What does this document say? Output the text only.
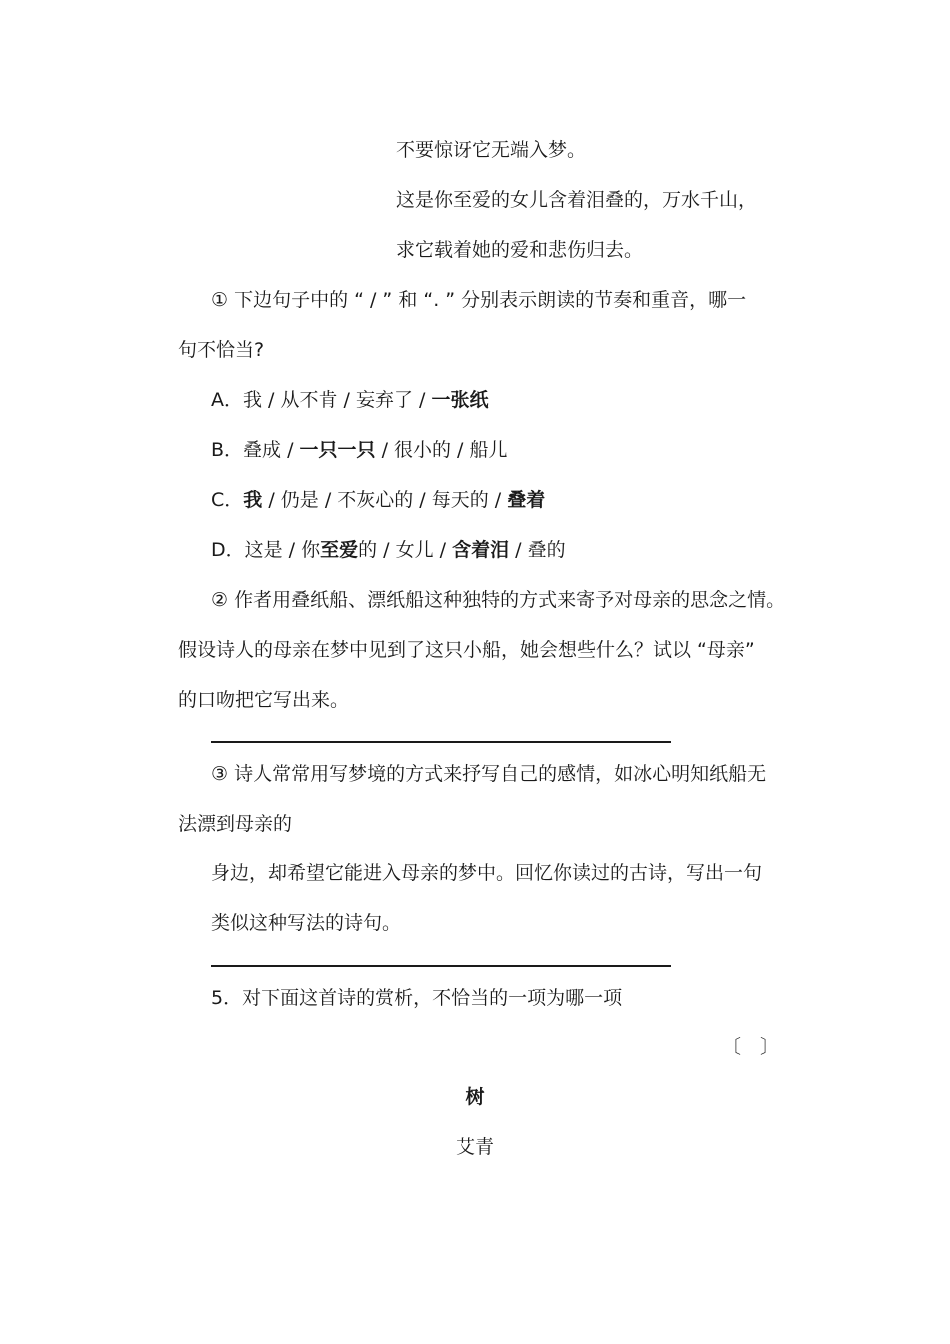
不要惊讶它无端入梦。
这是你至爱的女儿含着泪叠的，万水千山，
求它载着她的爱和悲伤归去。
① 下边句子中的 “ / ” 和 “. ” 分别表示朗读的节奏和重音，哪一
句不恰当?
A．我 / 从不肯 / 妄弃了 / 一张纸
B．叠成 / 一只一只 / 很小的 / 船儿
C．我 / 仍是 / 不灰心的 / 每天的 / 叠着
D．这是 / 你至爱的 / 女儿 / 含着泪 / 叠的
② 作者用叠纸船、漂纸船这种独特的方式来寄予对母亲的思念之情。
假设诗人的母亲在梦中见到了这只小船，她会想些什么？试以 “母亲”
的口吻把它写出来。
③ 诗人常常用写梦境的方式来抒写自己的感情，如冰心明知纸船无
法漂到母亲的
身边，却希望它能进入母亲的梦中。回忆你读过的古诗，写出一句
类似这种写法的诗句。
5．对下面这首诗的赏析，不恰当的一项为哪一项
〔　〕
树
艾青
